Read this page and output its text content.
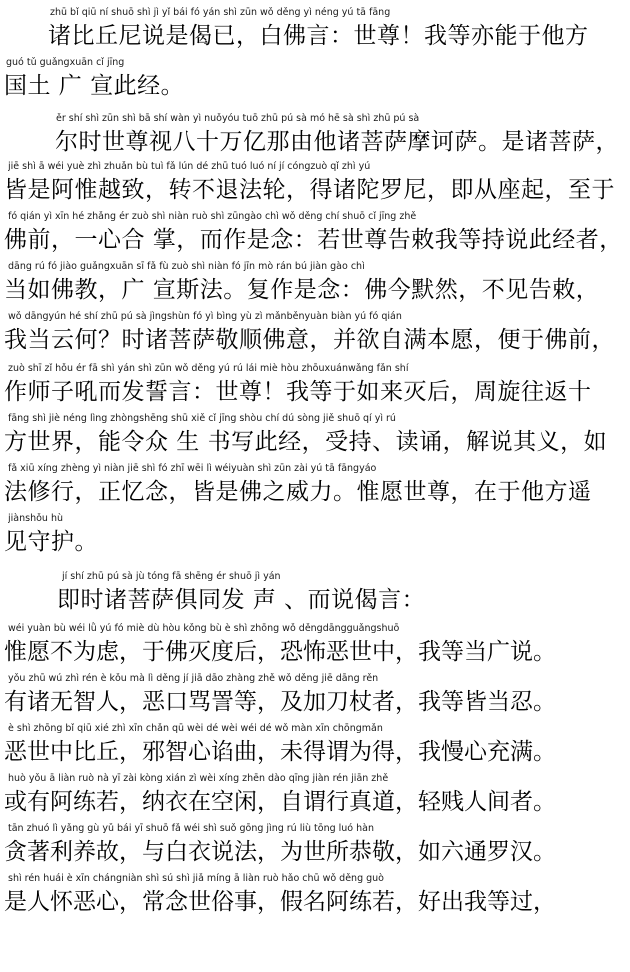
zhū bǐ qiū ní shuō shì jì yǐ bái fó yán shì zūn wǒ děng yì néng yú tā fāng
诸比丘尼说是偈已，白佛言：世尊！我等亦能于他方
guó tǔ guǎngxuān cǐ jīng
国土 广 宣此经。
ěr shí shì zūn shì bā shí wàn yì nuǒyóu tuō zhū pú sà mó hē sà shì zhū pú sà
尔时世尊视八十万亿那由他诸菩萨摩诃萨。是诸菩萨，
jiē shì ā wéi yuè zhì zhuǎn bù tuì fǎ lún dé zhū tuó luó ní jí cóngzuò qǐ zhì yú
皆是阿惟越致，转不退法轮，得诸陀罗尼，即从座起，至于
fó qián yì xīn hé zhǎng ér zuò shì niàn ruò shì zūngào chì wǒ děng chí shuō cǐ jīng zhě
佛前，一心合 掌，而作是念：若世尊告敕我等持说此经者，
dāng rú fó jiào guǎngxuān sī fǎ fù zuò shì niàn fó jīn mò rán bú jiàn gào chì
当如佛教，广 宣斯法。复作是念：佛今默然，不见告敕，
wǒ dāngyún hé shí zhū pú sà jìngshùn fó yì bìng yù zì mǎnběnyuàn biàn yú fó qián
我当云何？时诸菩萨敬顺佛意，并欲自满本愿，便于佛前，
zuò shī zǐ hǒu ér fā shì yán shì zūn wǒ děng yú rú lái miè hòu zhōuxuánwǎng fǎn shí
作师子吼而发誓言：世尊！我等于如来灭后，周旋往返十
fāng shì jiè néng lìng zhòngshēng shū xiě cǐ jīng shòu chí dú sòng jiě shuō qí yì rú
方世界，能令众 生 书写此经，受持、读诵，解说其义，如
fǎ xiū xíng zhèng yì niàn jiē shì fó zhī wēi lì wéiyuàn shì zūn zài yú tā fāngyáo
法修行，正忆念，皆是佛之威力。惟愿世尊，在于他方遥
jiànshǒu hù
见守护。
jí shí zhū pú sà jù tóng fā shēng ér shuō jì yán
即时诸菩萨俱同发 声 、而说偈言：
wéi yuàn bù wéi lǜ yú fó miè dù hòu kǒng bù è shì zhōng wǒ děngdāngguǎngshuō
惟愿不为虑，于佛灭度后，恐怖恶世中，我等当广说。
yǒu zhū wú zhì rén è kǒu mà lì děng jí jiā dāo zhàng zhě wǒ děng jiē dāng rěn
有诸无智人，恶口骂詈等，及加刀杖者，我等皆当忍。
è shì zhōng bǐ qiū xié zhì xīn chǎn qū wèi dé wèi wéi dé wǒ màn xīn chōngmǎn
恶世中比丘，邪智心谄曲，未得谓为得，我慢心充满。
huò yǒu ā liàn ruò nà yī zài kòng xián zì wèi xíng zhēn dào qīng jiàn rén jiān zhě
或有阿练若，纳衣在空闲，自谓行真道，轻贱人间者。
tān zhuó lì yǎng gù yǔ bái yī shuō fǎ wéi shì suǒ gōng jìng rú liù tōng luó hàn
贪著利养故，与白衣说法，为世所恭敬，如六通罗汉。
shì rén huái è xīn chángniàn shì sú shì jiǎ míng ā liàn ruò hǎo chū wǒ děng guò
是人怀恶心，常念世俗事，假名阿练若，好出我等过，
